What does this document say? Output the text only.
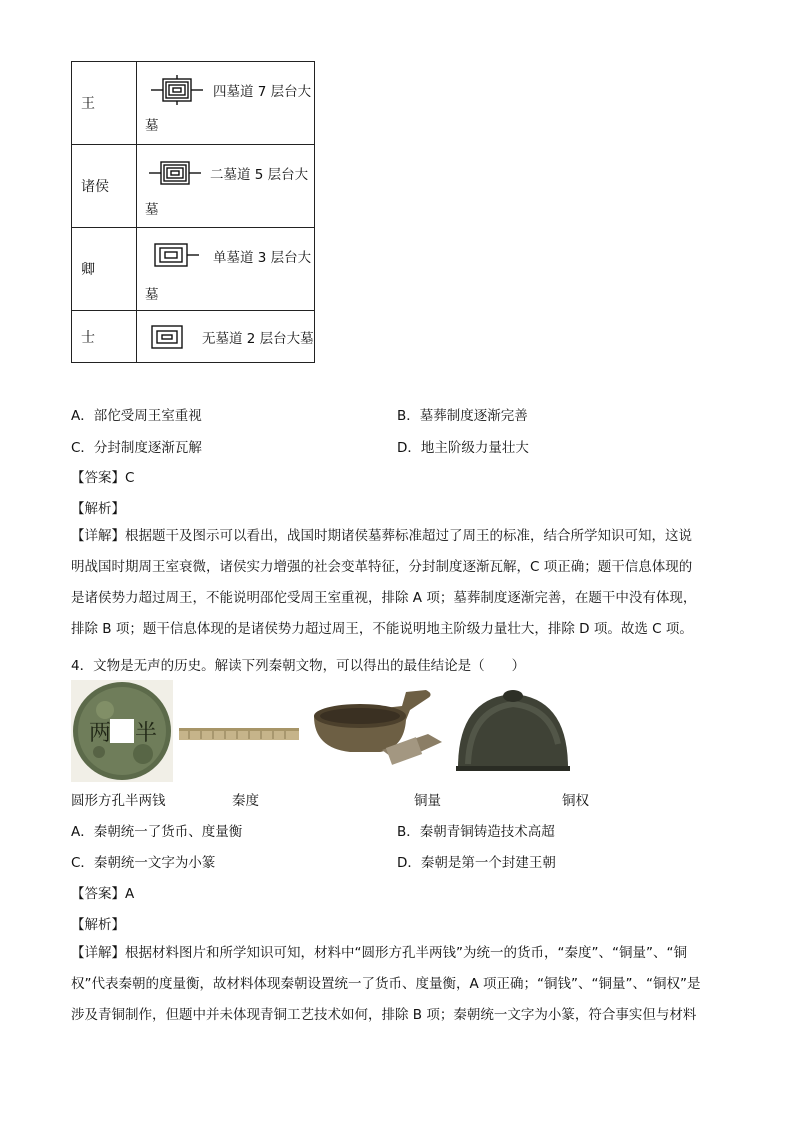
王	四墓道 7 层台大
墓

诸侯	二墓道 5 层台大
墓

卿	单墓道 3 层台大
墓

士	无墓道 2 层台大墓
A．部佗受周王室重视	B．墓葬制度逐渐完善
C．分封制度逐渐瓦解	D．地主阶级力量壮大
【答案】C
【解析】
【详解】根据题干及图示可以看出，战国时期诸侯墓葬标准超过了周王的标准，结合所学知识可知，这说
明战国时期周王室衰微，诸侯实力增强的社会变革特征，分封制度逐渐瓦解，C 项正确；题干信息体现的
是诸侯势力超过周王，不能说明邵佗受周王室重视，排除 A 项；墓葬制度逐渐完善，在题干中没有体现，
排除 B 项；题干信息体现的是诸侯势力超过周王，不能说明地主阶级力量壮大，排除 D 项。故选 C 项。
4．文物是无声的历史。解读下列秦朝文物，可以得出的最佳结论是（　　）
两 半
圆形方孔半两钱	秦度	铜量	铜权
A．秦朝统一了货币、度量衡	B．秦朝青铜铸造技术高超
C．秦朝统一文字为小篆	D．秦朝是第一个封建王朝
【答案】A
【解析】
【详解】根据材料图片和所学知识可知，材料中“圆形方孔半两钱”为统一的货币，“秦度”、“铜量”、“铜
权”代表秦朝的度量衡，故材料体现秦朝设置统一了货币、度量衡，A 项正确；“铜钱”、“铜量”、“铜权”是
涉及青铜制作，但题中并未体现青铜工艺技术如何，排除 B 项；秦朝统一文字为小篆，符合事实但与材料
